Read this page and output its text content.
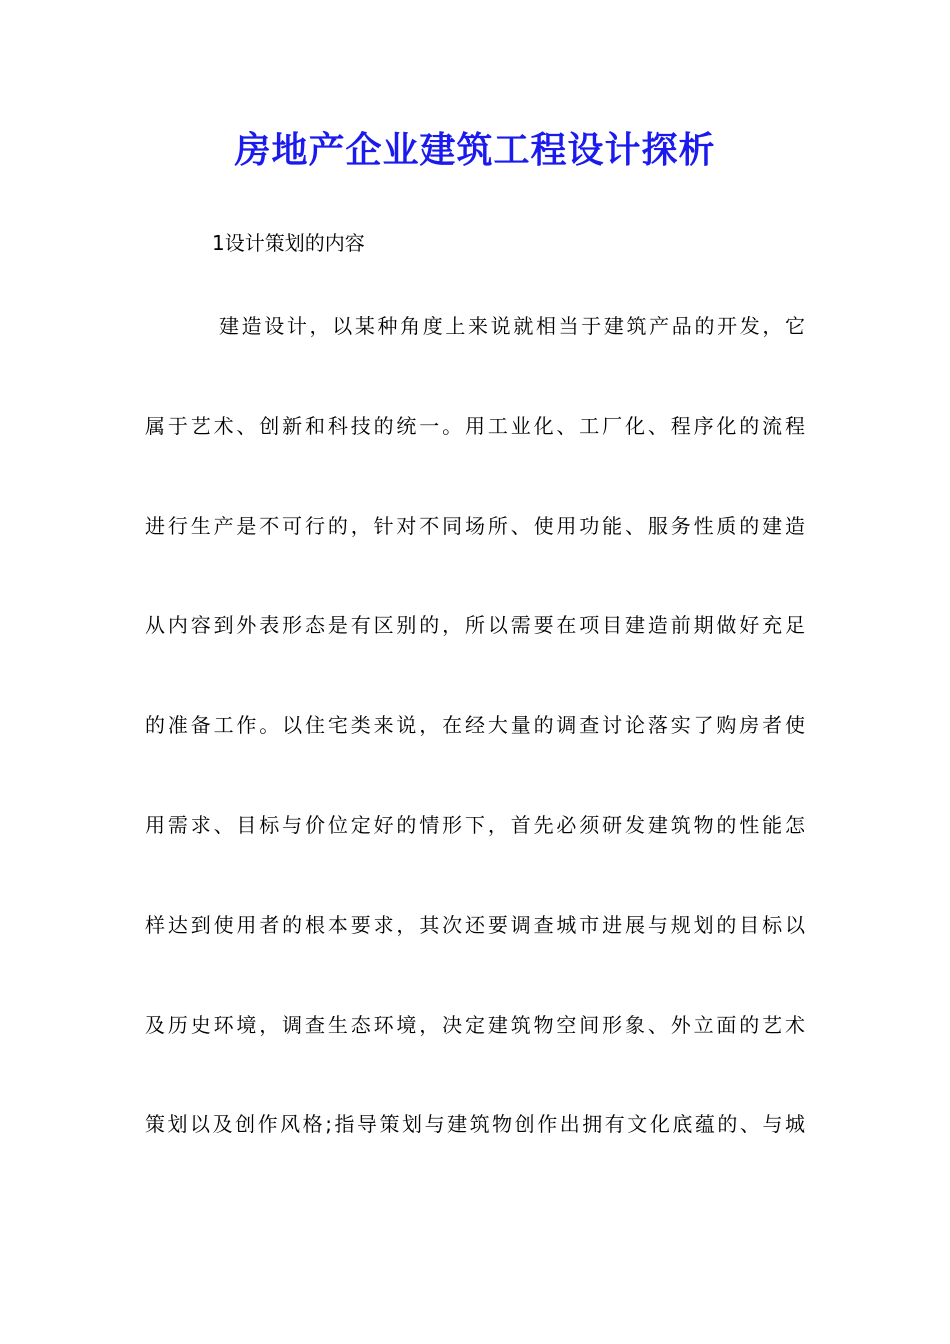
房地产企业建筑工程设计探析
1设计策划的内容
建造设计，以某种角度上来说就相当于建筑产品的开发，它
属于艺术、创新和科技的统一。用工业化、工厂化、程序化的流程
进行生产是不可行的，针对不同场所、使用功能、服务性质的建造
从内容到外表形态是有区别的，所以需要在项目建造前期做好充足
的准备工作。以住宅类来说，在经大量的调查讨论落实了购房者使
用需求、目标与价位定好的情形下，首先必须研发建筑物的性能怎
样达到使用者的根本要求，其次还要调查城市进展与规划的目标以
及历史环境，调查生态环境，决定建筑物空间形象、外立面的艺术
策划以及创作风格;指导策划与建筑物创作出拥有文化底蕴的、与城
